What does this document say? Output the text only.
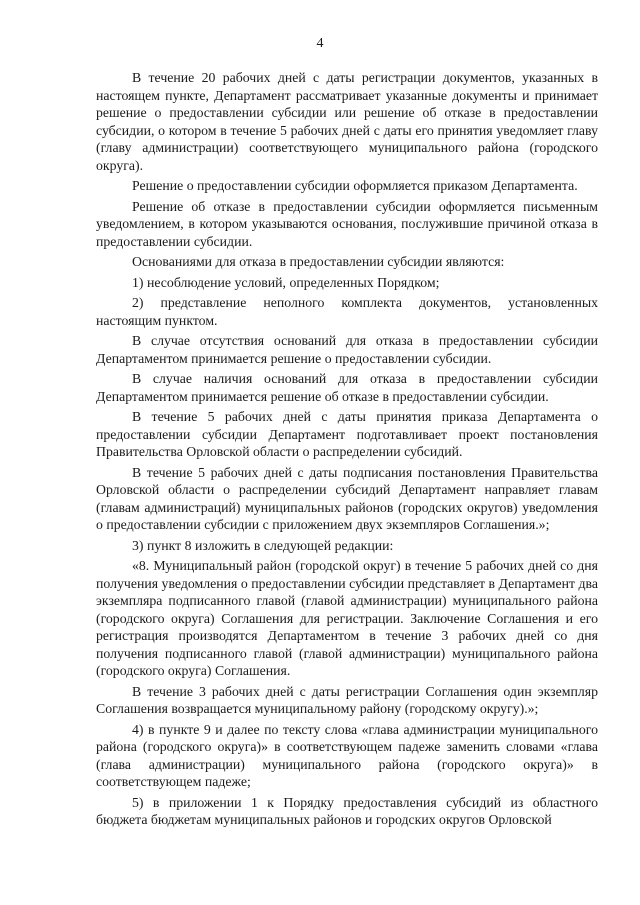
4

В течение 20 рабочих дней с даты регистрации документов, указанных в настоящем пункте, Департамент рассматривает указанные документы и принимает решение о предоставлении субсидии или решение об отказе в предоставлении субсидии, о котором в течение 5 рабочих дней с даты его принятия уведомляет главу (главу администрации) соответствующего муниципального района (городского округа).

Решение о предоставлении субсидии оформляется приказом Департамента.

Решение об отказе в предоставлении субсидии оформляется письменным уведомлением, в котором указываются основания, послужившие причиной отказа в предоставлении субсидии.

Основаниями для отказа в предоставлении субсидии являются:

1) несоблюдение условий, определенных Порядком;

2) представление неполного комплекта документов, установленных настоящим пунктом.

В случае отсутствия оснований для отказа в предоставлении субсидии Департаментом принимается решение о предоставлении субсидии.

В случае наличия оснований для отказа в предоставлении субсидии Департаментом принимается решение об отказе в предоставлении субсидии.

В течение 5 рабочих дней с даты принятия приказа Департамента о предоставлении субсидии Департамент подготавливает проект постановления Правительства Орловской области о распределении субсидий.

В течение 5 рабочих дней с даты подписания постановления Правительства Орловской области о распределении субсидий Департамент направляет главам (главам администраций) муниципальных районов (городских округов) уведомления о предоставлении субсидии с приложением двух экземпляров Соглашения.»;

3) пункт 8 изложить в следующей редакции:

«8. Муниципальный район (городской округ) в течение 5 рабочих дней со дня получения уведомления о предоставлении субсидии представляет в Департамент два экземпляра подписанного главой (главой администрации) муниципального района (городского округа) Соглашения для регистрации. Заключение Соглашения и его регистрация производятся Департаментом в течение 3 рабочих дней со дня получения подписанного главой (главой администрации) муниципального района (городского округа) Соглашения.

В течение 3 рабочих дней с даты регистрации Соглашения один экземпляр Соглашения возвращается муниципальному району (городскому округу).»;

4) в пункте 9 и далее по тексту слова «глава администрации муниципального района (городского округа)» в соответствующем падеже заменить словами «глава (глава администрации) муниципального района (городского округа)» в соответствующем падеже;

5) в приложении 1 к Порядку предоставления субсидий из областного бюджета бюджетам муниципальных районов и городских округов Орловской
